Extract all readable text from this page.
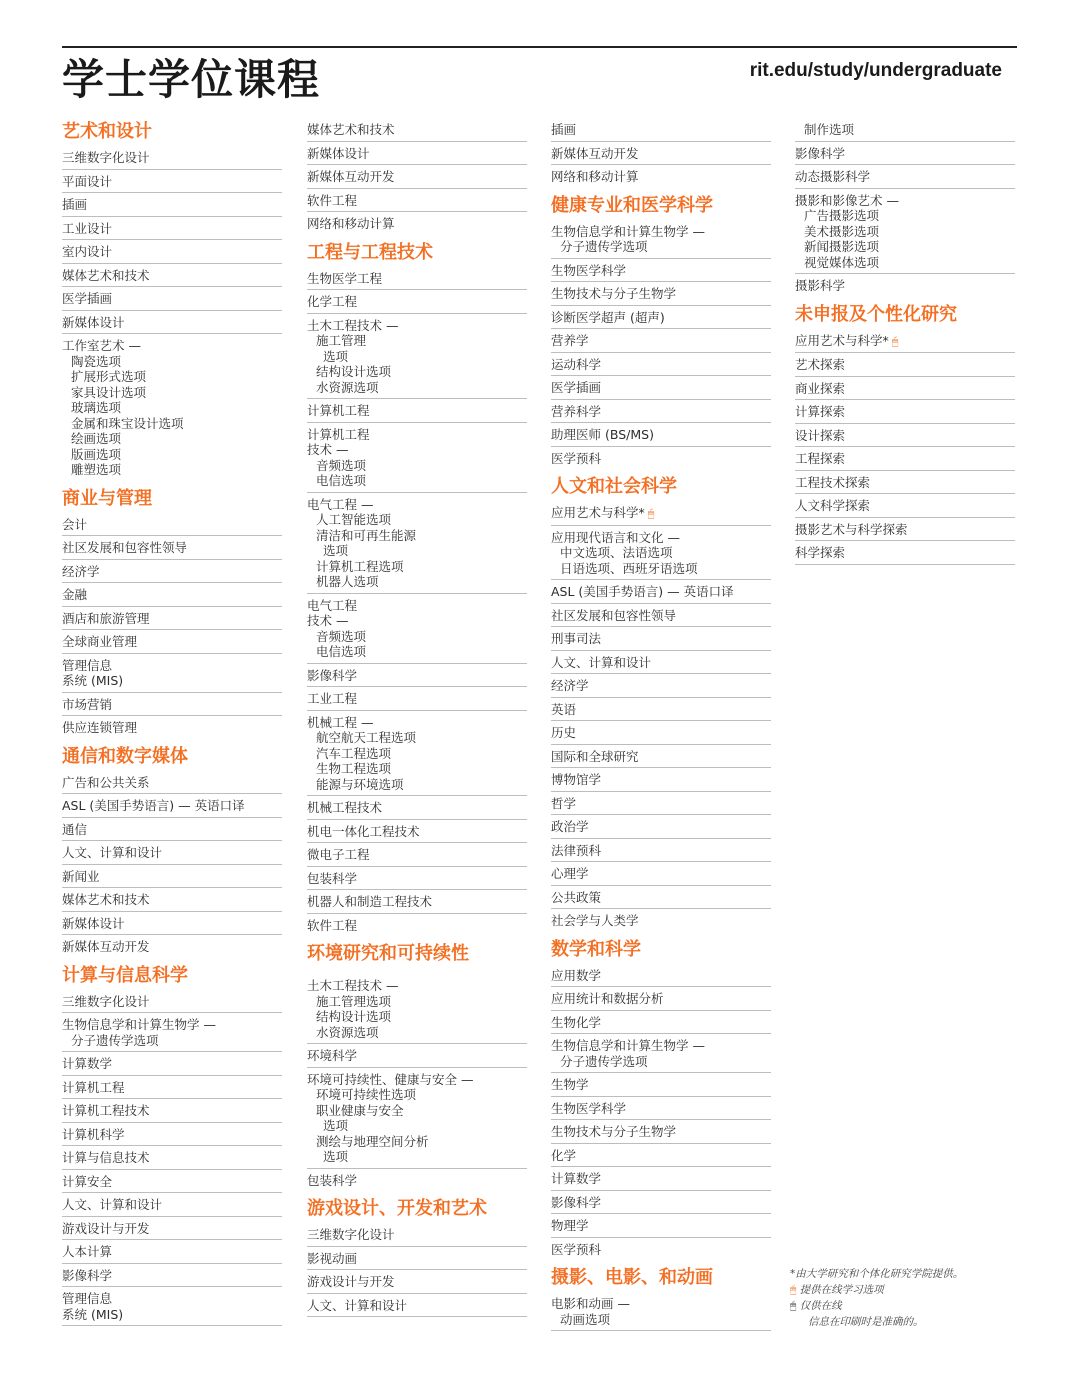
学士学位课程	rit.edu/study/undergraduate
艺术和设计
三维数字化设计
平面设计
插画
工业设计
室内设计
媒体艺术和技术
医学插画
新媒体设计
工作室艺术 —
陶瓷选项
扩展形式选项
家具设计选项
玻璃选项
金属和珠宝设计选项
绘画选项
版画选项
雕塑选项
商业与管理
会计
社区发展和包容性领导
经济学
金融
酒店和旅游管理
全球商业管理
管理信息
系统 (MIS)
市场营销
供应连锁管理
通信和数字媒体
广告和公共关系
ASL (美国手势语言) — 英语口译
通信
人文、计算和设计
新闻业
媒体艺术和技术
新媒体设计
新媒体互动开发
计算与信息科学
三维数字化设计
生物信息学和计算生物学 —
分子遗传学选项
计算数学
计算机工程
计算机工程技术
计算机科学
计算与信息技术
计算安全
人文、计算和设计
游戏设计与开发
人本计算
影像科学
管理信息
系统 (MIS)
媒体艺术和技术
新媒体设计
新媒体互动开发
软件工程
网络和移动计算
工程与工程技术
生物医学工程
化学工程
土木工程技术 —
施工管理
选项
结构设计选项
水资源选项
计算机工程
计算机工程
技术 —
音频选项
电信选项
电气工程 —
人工智能选项
清洁和可再生能源
选项
计算机工程选项
机器人选项
电气工程
技术 —
音频选项
电信选项
影像科学
工业工程
机械工程 —
航空航天工程选项
汽车工程选项
生物工程选项
能源与环境选项
机械工程技术
机电一体化工程技术
微电子工程
包装科学
机器人和制造工程技术
软件工程
环境研究和可持续性
土木工程技术 —
施工管理选项
结构设计选项
水资源选项
环境科学
环境可持续性、健康与安全 —
环境可持续性选项
职业健康与安全
选项
测绘与地理空间分析
选项
包装科学
游戏设计、开发和艺术
三维数字化设计
影视动画
游戏设计与开发
人文、计算和设计
插画
新媒体互动开发
网络和移动计算
健康专业和医学科学
生物信息学和计算生物学 —
分子遗传学选项
生物医学科学
生物技术与分子生物学
诊断医学超声 (超声)
营养学
运动科学
医学插画
营养科学
助理医师 (BS/MS)
医学预科
人文和社会科学
应用艺术与科学* 🖱
应用现代语言和文化 —
中文选项、法语选项
日语选项、西班牙语选项
ASL (美国手势语言) — 英语口译
社区发展和包容性领导
刑事司法
人文、计算和设计
经济学
英语
历史
国际和全球研究
博物馆学
哲学
政治学
法律预科
心理学
公共政策
社会学与人类学
数学和科学
应用数学
应用统计和数据分析
生物化学
生物信息学和计算生物学 —
分子遗传学选项
生物学
生物医学科学
生物技术与分子生物学
化学
计算数学
影像科学
物理学
医学预科
摄影、电影、和动画
电影和动画 —
动画选项
制作选项
影像科学
动态摄影科学
摄影和影像艺术 —
广告摄影选项
美术摄影选项
新闻摄影选项
视觉媒体选项
摄影科学
未申报及个性化研究
应用艺术与科学* 🖱
艺术探索
商业探索
计算探索
设计探索
工程探索
工程技术探索
人文科学探索
摄影艺术与科学探索
科学探索
*由大学研究和个体化研究学院提供。
🖱 提供在线学习选项
🖱 仅供在线
信息在印刷时是准确的。
